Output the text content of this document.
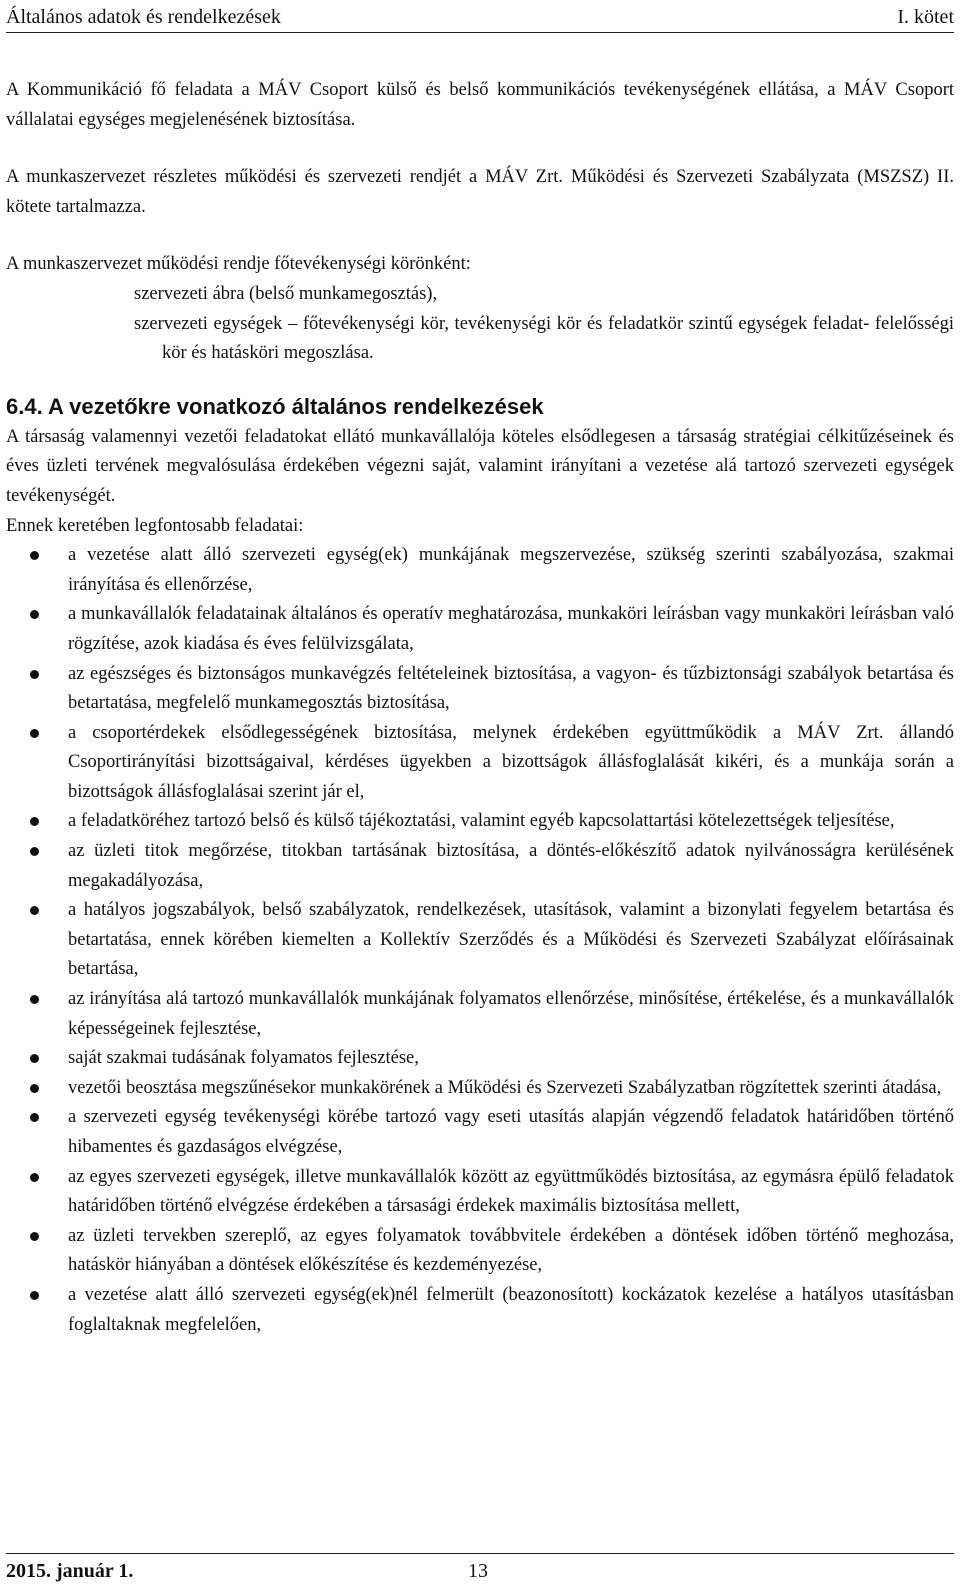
Általános adatok és rendelkezések	I. kötet

A Kommunikáció fő feladata a MÁV Csoport külső és belső kommunikációs tevékenységének ellátása, a MÁV Csoport vállalatai egységes megjelenésének biztosítása.

A munkaszervezet részletes működési és szervezeti rendjét a MÁV Zrt. Működési és Szervezeti Szabályzata (MSZSZ) II. kötete tartalmazza.

A munkaszervezet működési rendje főtevékenységi körönként:

szervezeti ábra (belső munkamegosztás),

szervezeti egységek – főtevékenységi kör, tevékenységi kör és feladatkör szintű egységek feladat- felelősségi kör és hatásköri megoszlása.

6.4. A vezetőkre vonatkozó általános rendelkezések

A társaság valamennyi vezetői feladatokat ellátó munkavállalója köteles elsődlegesen a társaság stratégiai célkitűzéseinek és éves üzleti tervének megvalósulása érdekében végezni saját, valamint irányítani a vezetése alá tartozó szervezeti egységek tevékenységét.

Ennek keretében legfontosabb feladatai:

a vezetése alatt álló szervezeti egység(ek) munkájának megszervezése, szükség szerinti szabályozása, szakmai irányítása és ellenőrzése,
a munkavállalók feladatainak általános és operatív meghatározása, munkaköri leírásban vagy munkaköri leírásban való rögzítése, azok kiadása és éves felülvizsgálata,
az egészséges és biztonságos munkavégzés feltételeinek biztosítása, a vagyon- és tűzbiztonsági szabályok betartása és betartatása, megfelelő munkamegosztás biztosítása,
a csoportérdekek elsődlegességének biztosítása, melynek érdekében együttműködik a MÁV Zrt. állandó Csoportirányítási bizottságaival, kérdéses ügyekben a bizottságok állásfoglalását kikéri, és a munkája során a bizottságok állásfoglalásai szerint jár el,
a feladatköréhez tartozó belső és külső tájékoztatási, valamint egyéb kapcsolattartási kötelezettségek teljesítése,
az üzleti titok megőrzése, titokban tartásának biztosítása, a döntés-előkészítő adatok nyilvánosságra kerülésének megakadályozása,
a hatályos jogszabályok, belső szabályzatok, rendelkezések, utasítások, valamint a bizonylati fegyelem betartása és betartatása, ennek körében kiemelten a Kollektív Szerződés és a Működési és Szervezeti Szabályzat előírásainak betartása,
az irányítása alá tartozó munkavállalók munkájának folyamatos ellenőrzése, minősítése, értékelése, és a munkavállalók képességeinek fejlesztése,
saját szakmai tudásának folyamatos fejlesztése,
vezetői beosztása megszűnésekor munkakörének a Működési és Szervezeti Szabályzatban rögzítettek szerinti átadása,
a szervezeti egység tevékenységi körébe tartozó vagy eseti utasítás alapján végzendő feladatok határidőben történő hibamentes és gazdaságos elvégzése,
az egyes szervezeti egységek, illetve munkavállalók között az együttműködés biztosítása, az egymásra épülő feladatok határidőben történő elvégzése érdekében a társasági érdekek maximális biztosítása mellett,
az üzleti tervekben szereplő, az egyes folyamatok továbbvitele érdekében a döntések időben történő meghozása, hatáskör hiányában a döntések előkészítése és kezdeményezése,
a vezetése alatt álló szervezeti egység(ek)nél felmerült (beazonosított) kockázatok kezelése a hatályos utasításban foglaltaknak megfelelően,
2015. január 1.	13
